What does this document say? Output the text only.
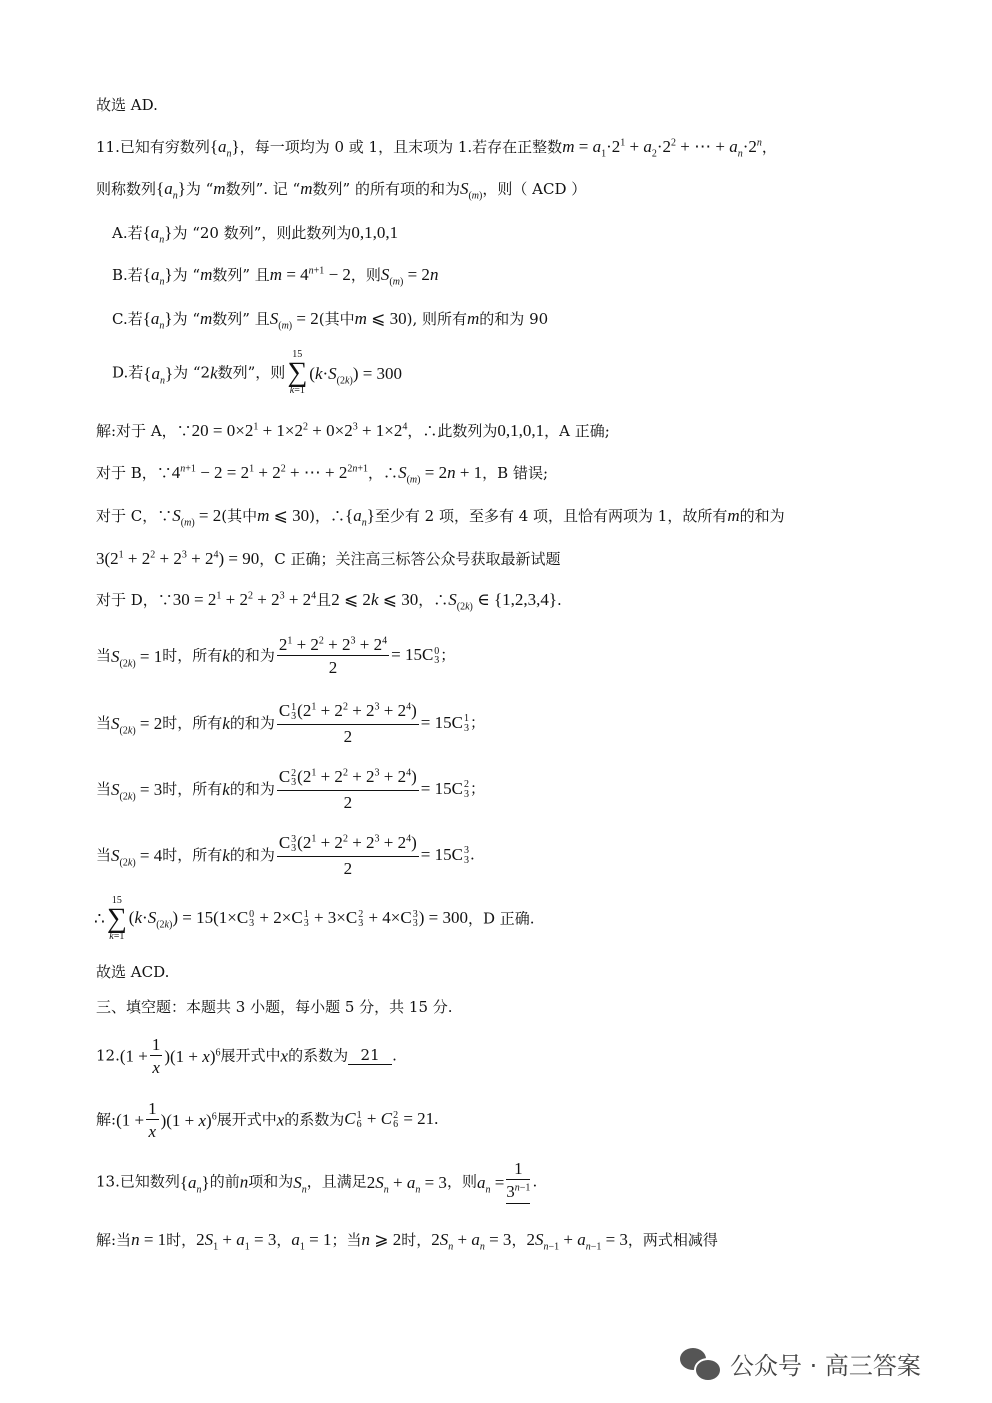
故选 AD.
11.已知有穷数列$\{a_n\}$，每一项均为 0 或 1，且末项为 1.若存在正整数$m = a_1\cdot 2^1 + a_2\cdot 2^2$ + ⋯ + $a_n\cdot 2^n$，
则称数列$\{a_n\}$为 “m数列”. 记 “m数列” 的所有项的和为$S_{(m)}$，则（ ACD ）
A.若$\{a_n\}$为 “20 数列”，则此数列为0,1,0,1
B.若$\{a_n\}$为 “m数列” 且$m = 4^{n+1} - 2$，则$S_{(m)} = 2n$
C.若$\{a_n\}$为 “m数列” 且$S_{(m)} = 2$(其中m ⩽ 30), 则所有m的和为 90
D.若$\{a_n\}$为 “2k数列”，则
15
∑
k=1
$(k\cdot S_{(2k)}) = 300$
解:对于 A，∵20 = $0\times 2^1 + 1\times 2^2 + 0\times 2^3 + 1\times 2^4$，∴此数列为0,1,0,1，A 正确;
对于 B，$\because 4^{n+1} - 2 = 2^1 + 2^2$ + ⋯ + $2^{2n+1}$，$\therefore S_{(m)} = 2n + 1$，B 错误;
对于 C，$\because S_{(m)} = 2$(其中m ⩽ 30)，$\therefore\{a_n\}$至少有 2 项，至多有 4 项，且恰有两项为 1，故所有m的和为
$3(2^1 + 2^2 + 2^3 + 2^4) = 90$，C 正确；关注高三标答公众号获取最新试题
对于 D，∵30 = $2^1 + 2^2 + 2^3 + 2^4$且2 ⩽ 2k ⩽ 30，$\therefore S_{(2k)}$ ∈ {1,2,3,4}.
当$S_{(2k)} = 1$时，所有k的和为 $\frac{2^1 + 2^2 + 2^3 + 2^4}{2} = 15C$ 0
3 ；
当$S_{(2k)} = 2$时，所有k的和为 C 1
3 $(2^1 + 2^2 + 2^3 + 2^4)$
2 = 15C 1
3 ；
当$S_{(2k)} = 3$时，所有k的和为 C 2
3 $(2^1 + 2^2 + 2^3 + 2^4)$
2 = 15C 2
3 ；
当$S_{(2k)} = 4$时，所有k的和为 C 3
3 $(2^1 + 2^2 + 2^3 + 2^4)$
2 = 15C 3
3 .
∴
15
∑
k=1
$(k\cdot S_{(2k)}) = 15(1\times C$ 0
3 + 2×C 1
3 + 3×C 2
3 + 4×C 3
3 ) = 300，D 正确.
故选 ACD.
三、填空题：本题共 3 小题，每小题 5 分，共 15 分.
$12.(1 + \frac{1}{x} )(1 + x)^6$展开式中x的系数为 21 .
解:(1 + $\frac{1}{x} )(1 + x)^6$展开式中x的系数为C 1
6 + C 2
6 = 21.
13.已知数列$\{a_n\}$的前n项和为$S_n$，且满足$2S_n + a_n = 3$，则$a_n = \frac{1}{3^{n-1}}$ .
解:当n = 1时，$2S_1 + a_1 = 3$，$a_1 = 1$；当n ⩾ 2时，$2S_n + a_n = 3$，$2S_{n-1} + a_{n-1} = 3$，两式相减得
公众号 · 高三答案
